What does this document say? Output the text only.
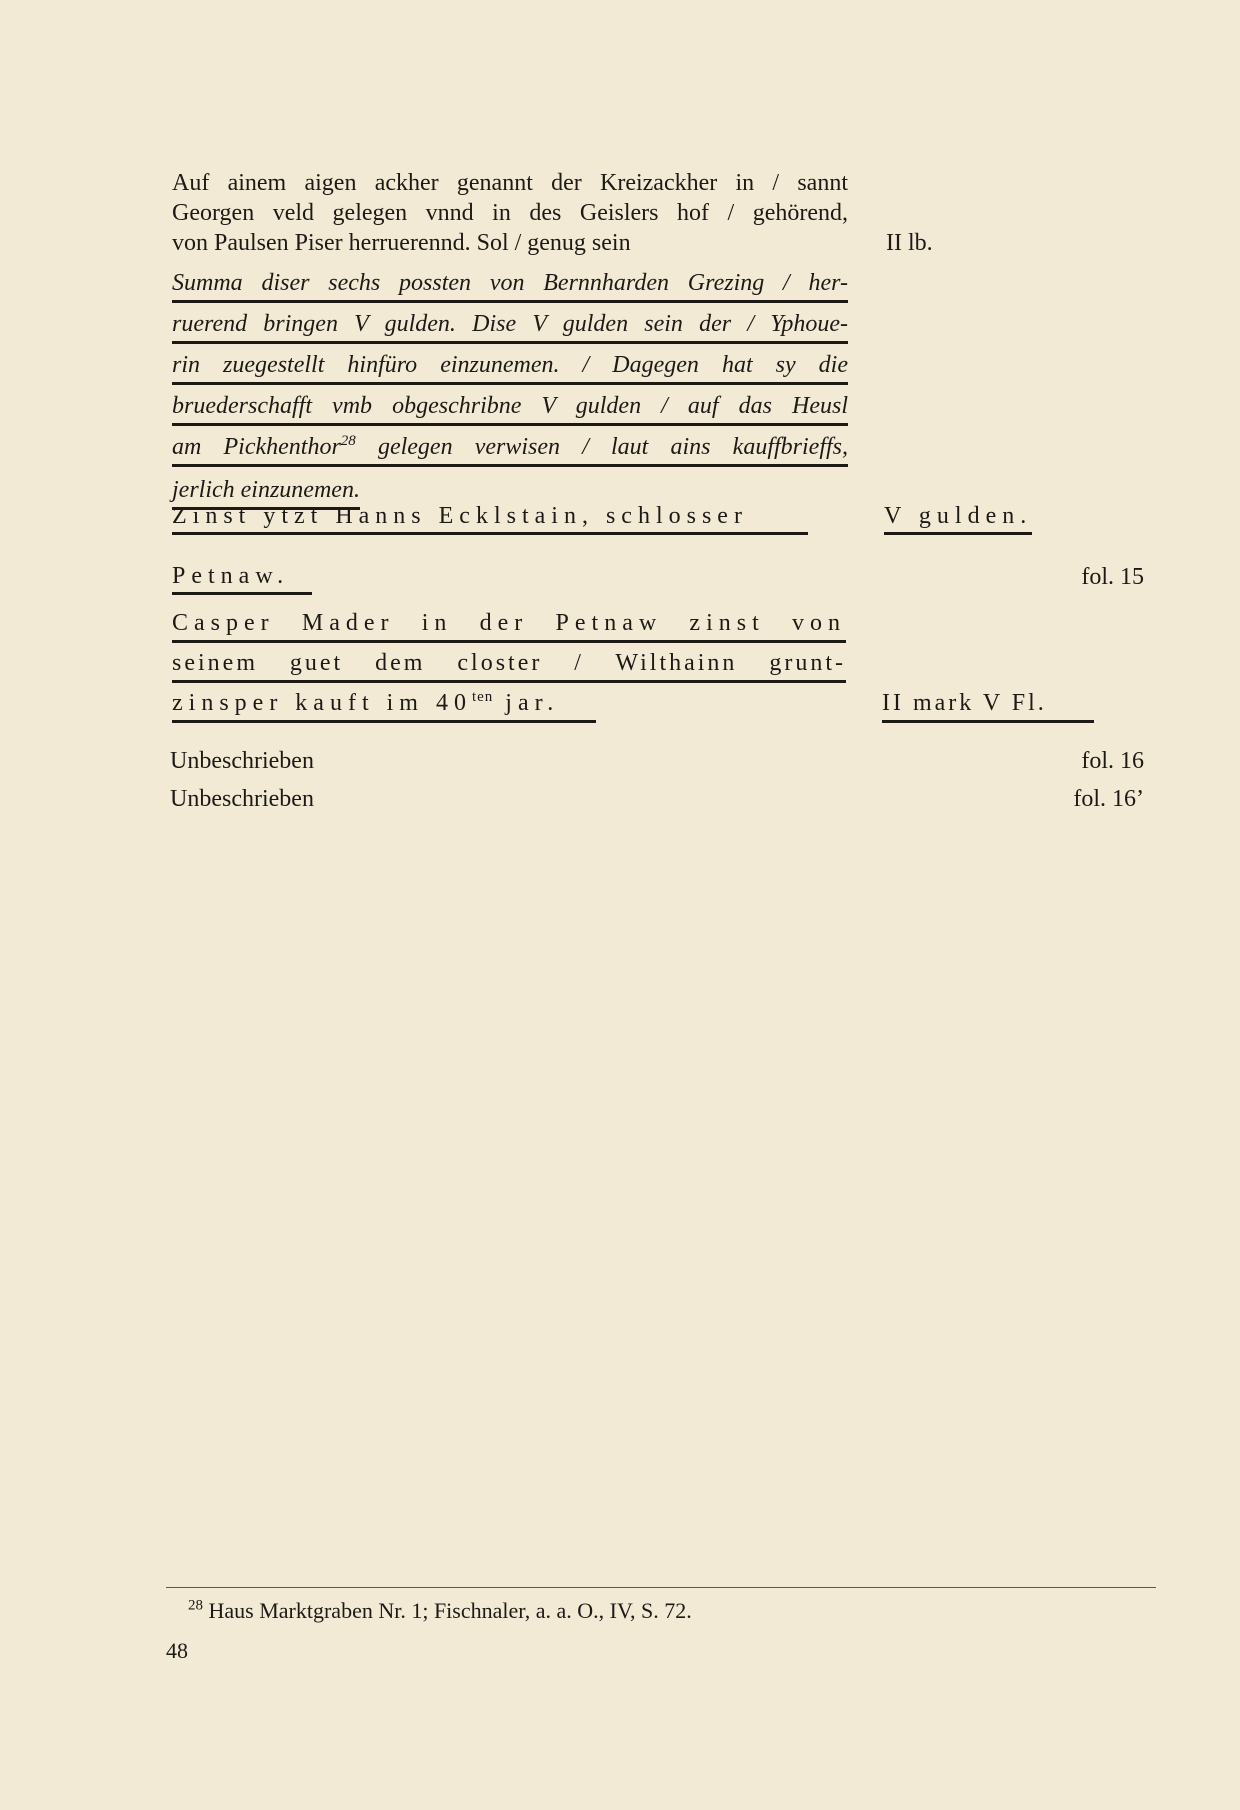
Auf ainem aigen ackher genannt der Kreizackher in / sannt
Georgen veld gelegen vnnd in des Geislers hof / gehörend,
von Paulsen Piser herruerennd. Sol / genug sein	II lb.
Summa diser sechs possten von Bernnharden Grezing / her-
ruerend bringen V gulden. Dise V gulden sein der / Yphoue-
rin zuegestellt hinfüro einzunemen. / Dagegen hat sy die
bruederschafft vmb obgeschribne V gulden / auf das Heusl
am Pickhenthor$^{28}$ gelegen verwisen / laut ains kauffbrieffs,
jerlich einzunemen.
Zinst ytzt Hanns Ecklstain, schlosser	V gulden.
Petnaw.	fol. 15
Casper Mader in der Petnaw zinst von
seinem guet dem closter / Wilthainn grunt-
zinsper kauft im $40^{ten}$ jar.	II mark V Fl.
Unbeschrieben	fol. 16
Unbeschrieben	fol. 16’
$^{28}$ Haus Marktgraben Nr. 1; Fischnaler, a. a. O., IV, S. 72.
48
